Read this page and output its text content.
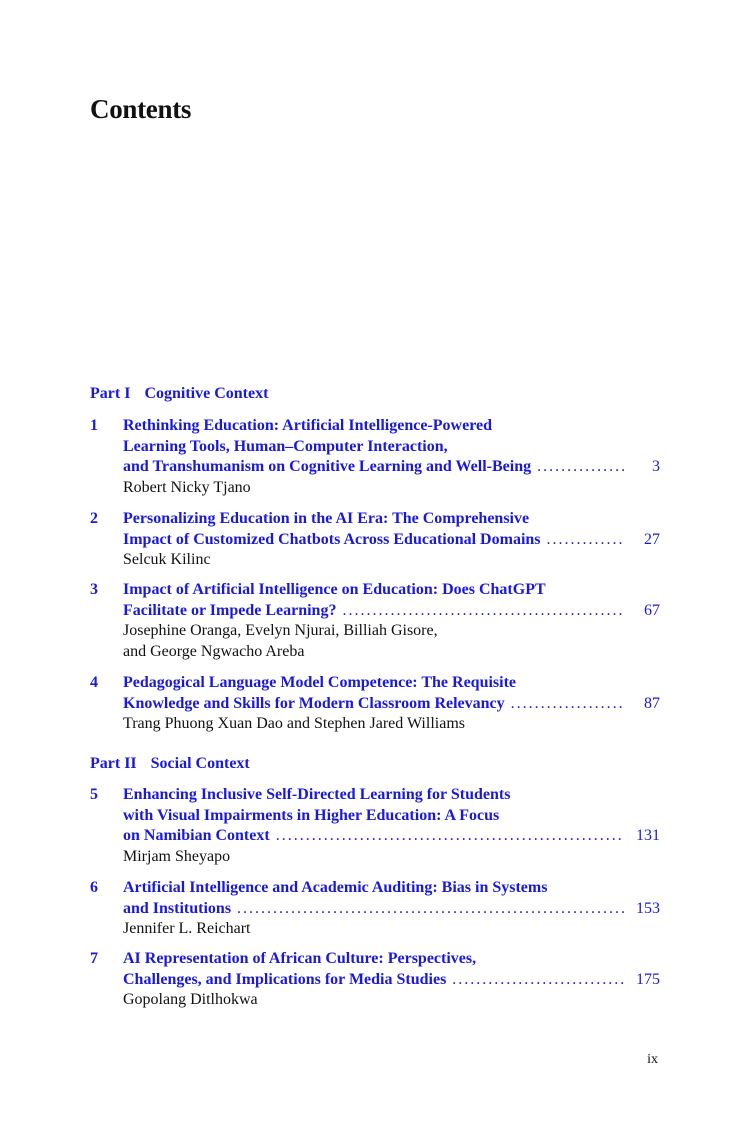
Contents
Part I Cognitive Context
1 Rethinking Education: Artificial Intelligence-Powered
Learning Tools, Human–Computer Interaction,
and Transhumanism on Cognitive Learning and Well-Being . . .	3
Robert Nicky Tjano
2 Personalizing Education in the AI Era: The Comprehensive
Impact of Customized Chatbots Across Educational Domains . . .	27
Selcuk Kilinc
3 Impact of Artificial Intelligence on Education: Does ChatGPT
Facilitate or Impede Learning? . . .	67
Josephine Oranga, Evelyn Njurai, Billiah Gisore,
and George Ngwacho Areba
4 Pedagogical Language Model Competence: The Requisite
Knowledge and Skills for Modern Classroom Relevancy . . .	87
Trang Phuong Xuan Dao and Stephen Jared Williams
Part II Social Context
5 Enhancing Inclusive Self-Directed Learning for Students
with Visual Impairments in Higher Education: A Focus
on Namibian Context . . .	131
Mirjam Sheyapo
6 Artificial Intelligence and Academic Auditing: Bias in Systems
and Institutions . . .	153
Jennifer L. Reichart
7 AI Representation of African Culture: Perspectives,
Challenges, and Implications for Media Studies . . .	175
Gopolang Ditlhokwa
ix
